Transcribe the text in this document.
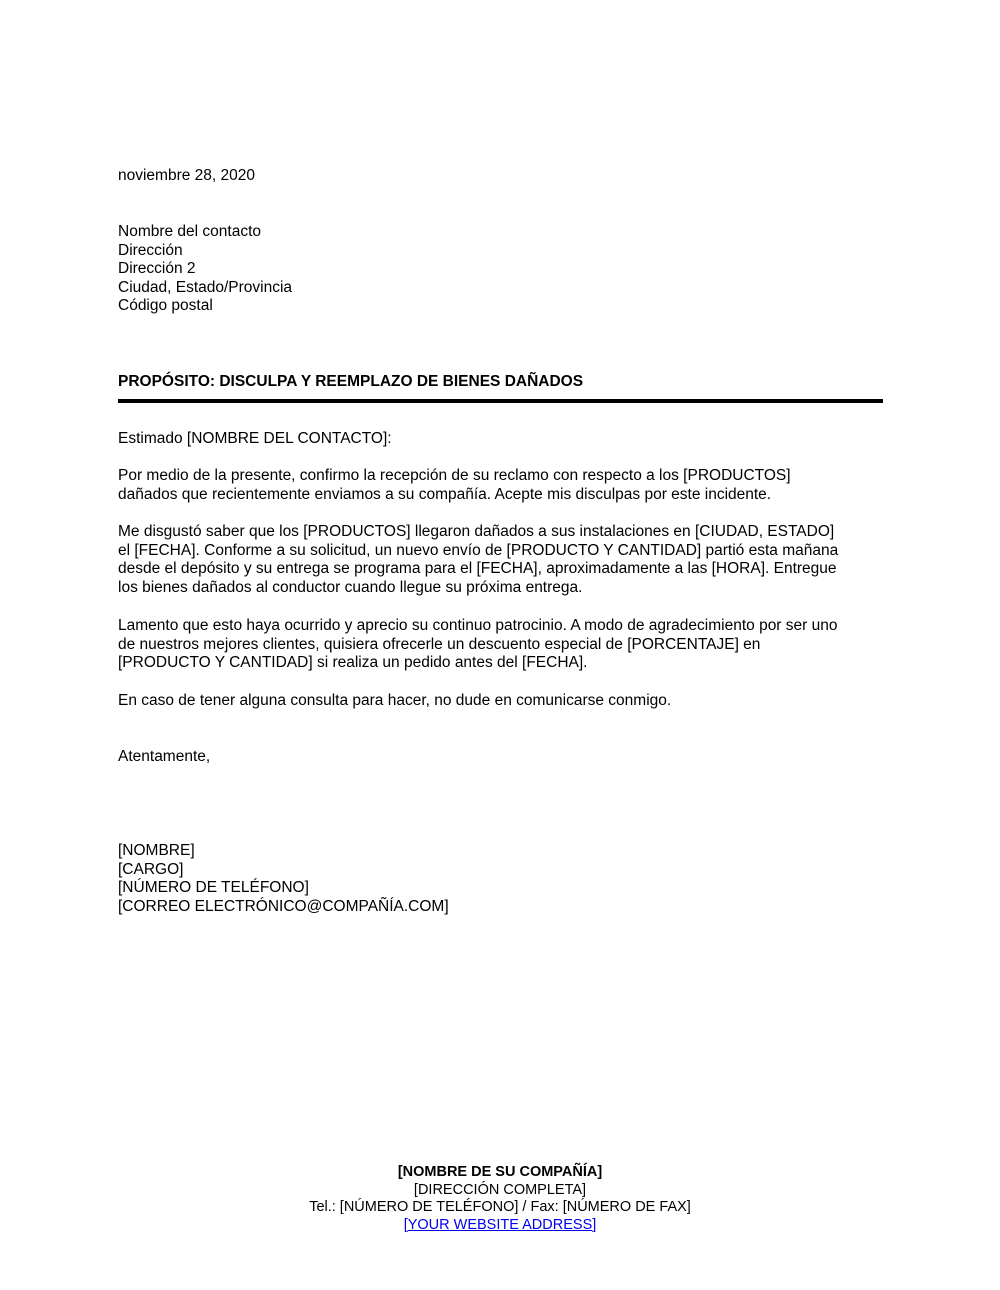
noviembre 28, 2020
Nombre del contacto
Dirección
Dirección 2
Ciudad, Estado/Provincia
Código postal
PROPÓSITO: DISCULPA Y REEMPLAZO DE BIENES DAÑADOS
Estimado [NOMBRE DEL CONTACTO]:
Por medio de la presente, confirmo la recepción de su reclamo con respecto a los [PRODUCTOS]
dañados que recientemente enviamos a su compañía. Acepte mis disculpas por este incidente.
Me disgustó saber que los [PRODUCTOS] llegaron dañados a sus instalaciones en [CIUDAD, ESTADO]
el [FECHA]. Conforme a su solicitud, un nuevo envío de [PRODUCTO Y CANTIDAD] partió esta mañana
desde el depósito y su entrega se programa para el [FECHA], aproximadamente a las [HORA]. Entregue
los bienes dañados al conductor cuando llegue su próxima entrega.
Lamento que esto haya ocurrido y aprecio su continuo patrocinio. A modo de agradecimiento por ser uno
de nuestros mejores clientes, quisiera ofrecerle un descuento especial de [PORCENTAJE] en
[PRODUCTO Y CANTIDAD] si realiza un pedido antes del [FECHA].
En caso de tener alguna consulta para hacer, no dude en comunicarse conmigo.
Atentamente,
[NOMBRE]
[CARGO]
[NÚMERO DE TELÉFONO]
[CORREO ELECTRÓNICO@COMPAÑÍA.COM]
[NOMBRE DE SU COMPAÑÍA]
[DIRECCIÓN COMPLETA]
Tel.: [NÚMERO DE TELÉFONO] / Fax: [NÚMERO DE FAX]
[YOUR WEBSITE ADDRESS]
